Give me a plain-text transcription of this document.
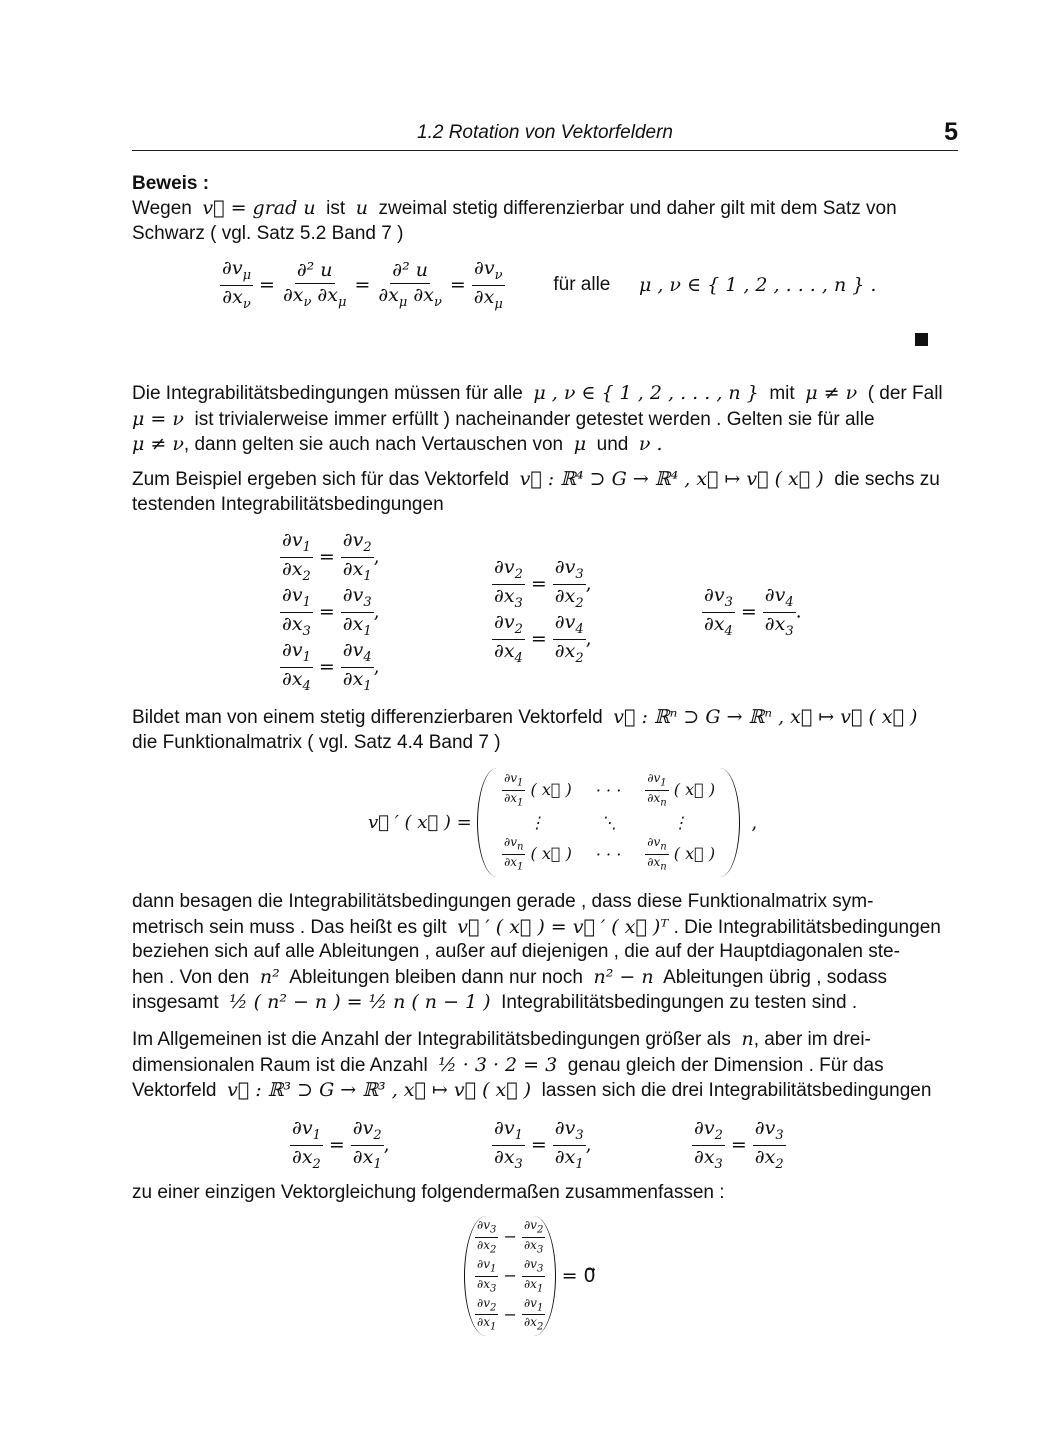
1.2 Rotation von Vektorfeldern	5
Beweis :
Wegen v⃗ = grad u ist u zweimal stetig differenzierbar und daher gilt mit dem Satz von
Schwarz ( vgl. Satz 5.2 Band 7 )
$\frac{\partial v_\mu}{\partial x_\nu} = \frac{\text{∂² u}}{\partial x_\nu \partial x_\mu} = \frac{\text{∂² u}}{\partial x_\mu \partial x_\nu} = \frac{\partial v_\nu}{\partial x_\mu}$	für alle μ , ν ∈ { 1 , 2 , . . . , n } .
Die Integrabilitätsbedingungen müssen für alle μ , ν ∈ { 1 , 2 , . . . , n } mit μ ≠ ν ( der Fall
μ = ν ist trivialerweise immer erfüllt ) nacheinander getestet werden . Gelten sie für alle
μ ≠ ν, dann gelten sie auch nach Vertauschen von μ und ν .
Zum Beispiel ergeben sich für das Vektorfeld v⃗ : ℝ⁴ ⊃ G → ℝ⁴ , x⃗ ↦ v⃗ ( x⃗ ) die sechs zu
testenden Integrabilitätsbedingungen
$\frac{\partial v_1}{\partial x_2} = \frac{\partial v_2}{\partial x_1}$ ,
$\frac{\partial v_1}{\partial x_3} = \frac{\partial v_3}{\partial x_1}$ ,
$\frac{\partial v_1}{\partial x_4} = \frac{\partial v_4}{\partial x_1}$ ,
$\frac{\partial v_2}{\partial x_3} = \frac{\partial v_3}{\partial x_2}$ ,
$\frac{\partial v_2}{\partial x_4} = \frac{\partial v_4}{\partial x_2}$ ,	$\frac{\partial v_3}{\partial x_4} = \frac{\partial v_4}{\partial x_3}$ .
Bildet man von einem stetig differenzierbaren Vektorfeld v⃗ : ℝⁿ ⊃ G → ℝⁿ , x⃗ ↦ v⃗ ( x⃗ )
die Funktionalmatrix ( vgl. Satz 4.4 Band 7 )
v⃗ ′ ( x⃗ ) =
$\frac{\partial v_1}{\partial x_1}$ ( x⃗ )	· · ·	$\frac{\partial v_1}{\partial x_n}$ ( x⃗ )
⋮	⋱	⋮

$\frac{\partial v_n}{\partial x_1}$ ( x⃗ )	· · ·	$\frac{\partial v_n}{\partial x_n}$ ( x⃗ )
,
dann besagen die Integrabilitätsbedingungen gerade , dass diese Funktionalmatrix sym-
metrisch sein muss . Das heißt es gilt v⃗ ′ ( x⃗ ) = v⃗ ′ ( x⃗ )ᵀ . Die Integrabilitätsbedingungen
beziehen sich auf alle Ableitungen , außer auf diejenigen , die auf der Hauptdiagonalen ste-
hen . Von den n² Ableitungen bleiben dann nur noch n² − n Ableitungen übrig , sodass
insgesamt ½ ( n² − n ) = ½ n ( n − 1 ) Integrabilitätsbedingungen zu testen sind .
Im Allgemeinen ist die Anzahl der Integrabilitätsbedingungen größer als n, aber im drei-
dimensionalen Raum ist die Anzahl ½ · 3 · 2 = 3 genau gleich der Dimension . Für das
Vektorfeld v⃗ : ℝ³ ⊃ G → ℝ³ , x⃗ ↦ v⃗ ( x⃗ ) lassen sich die drei Integrabilitätsbedingungen
$\frac{\partial v_1}{\partial x_2} = \frac{\partial v_2}{\partial x_1}$ ,	$\frac{\partial v_1}{\partial x_3} = \frac{\partial v_3}{\partial x_1}$ ,	$\frac{\partial v_2}{\partial x_3} = \frac{\partial v_3}{\partial x_2}$
zu einer einzigen Vektorgleichung folgendermaßen zusammenfassen :
$\frac{\partial v_3}{\partial x_2} - \frac{\partial v_2}{\partial x_3}$

$\frac{\partial v_1}{\partial x_3} - \frac{\partial v_3}{\partial x_1}$

$\frac{\partial v_2}{\partial x_1} - \frac{\partial v_1}{\partial x_2}$
= 0⃗
